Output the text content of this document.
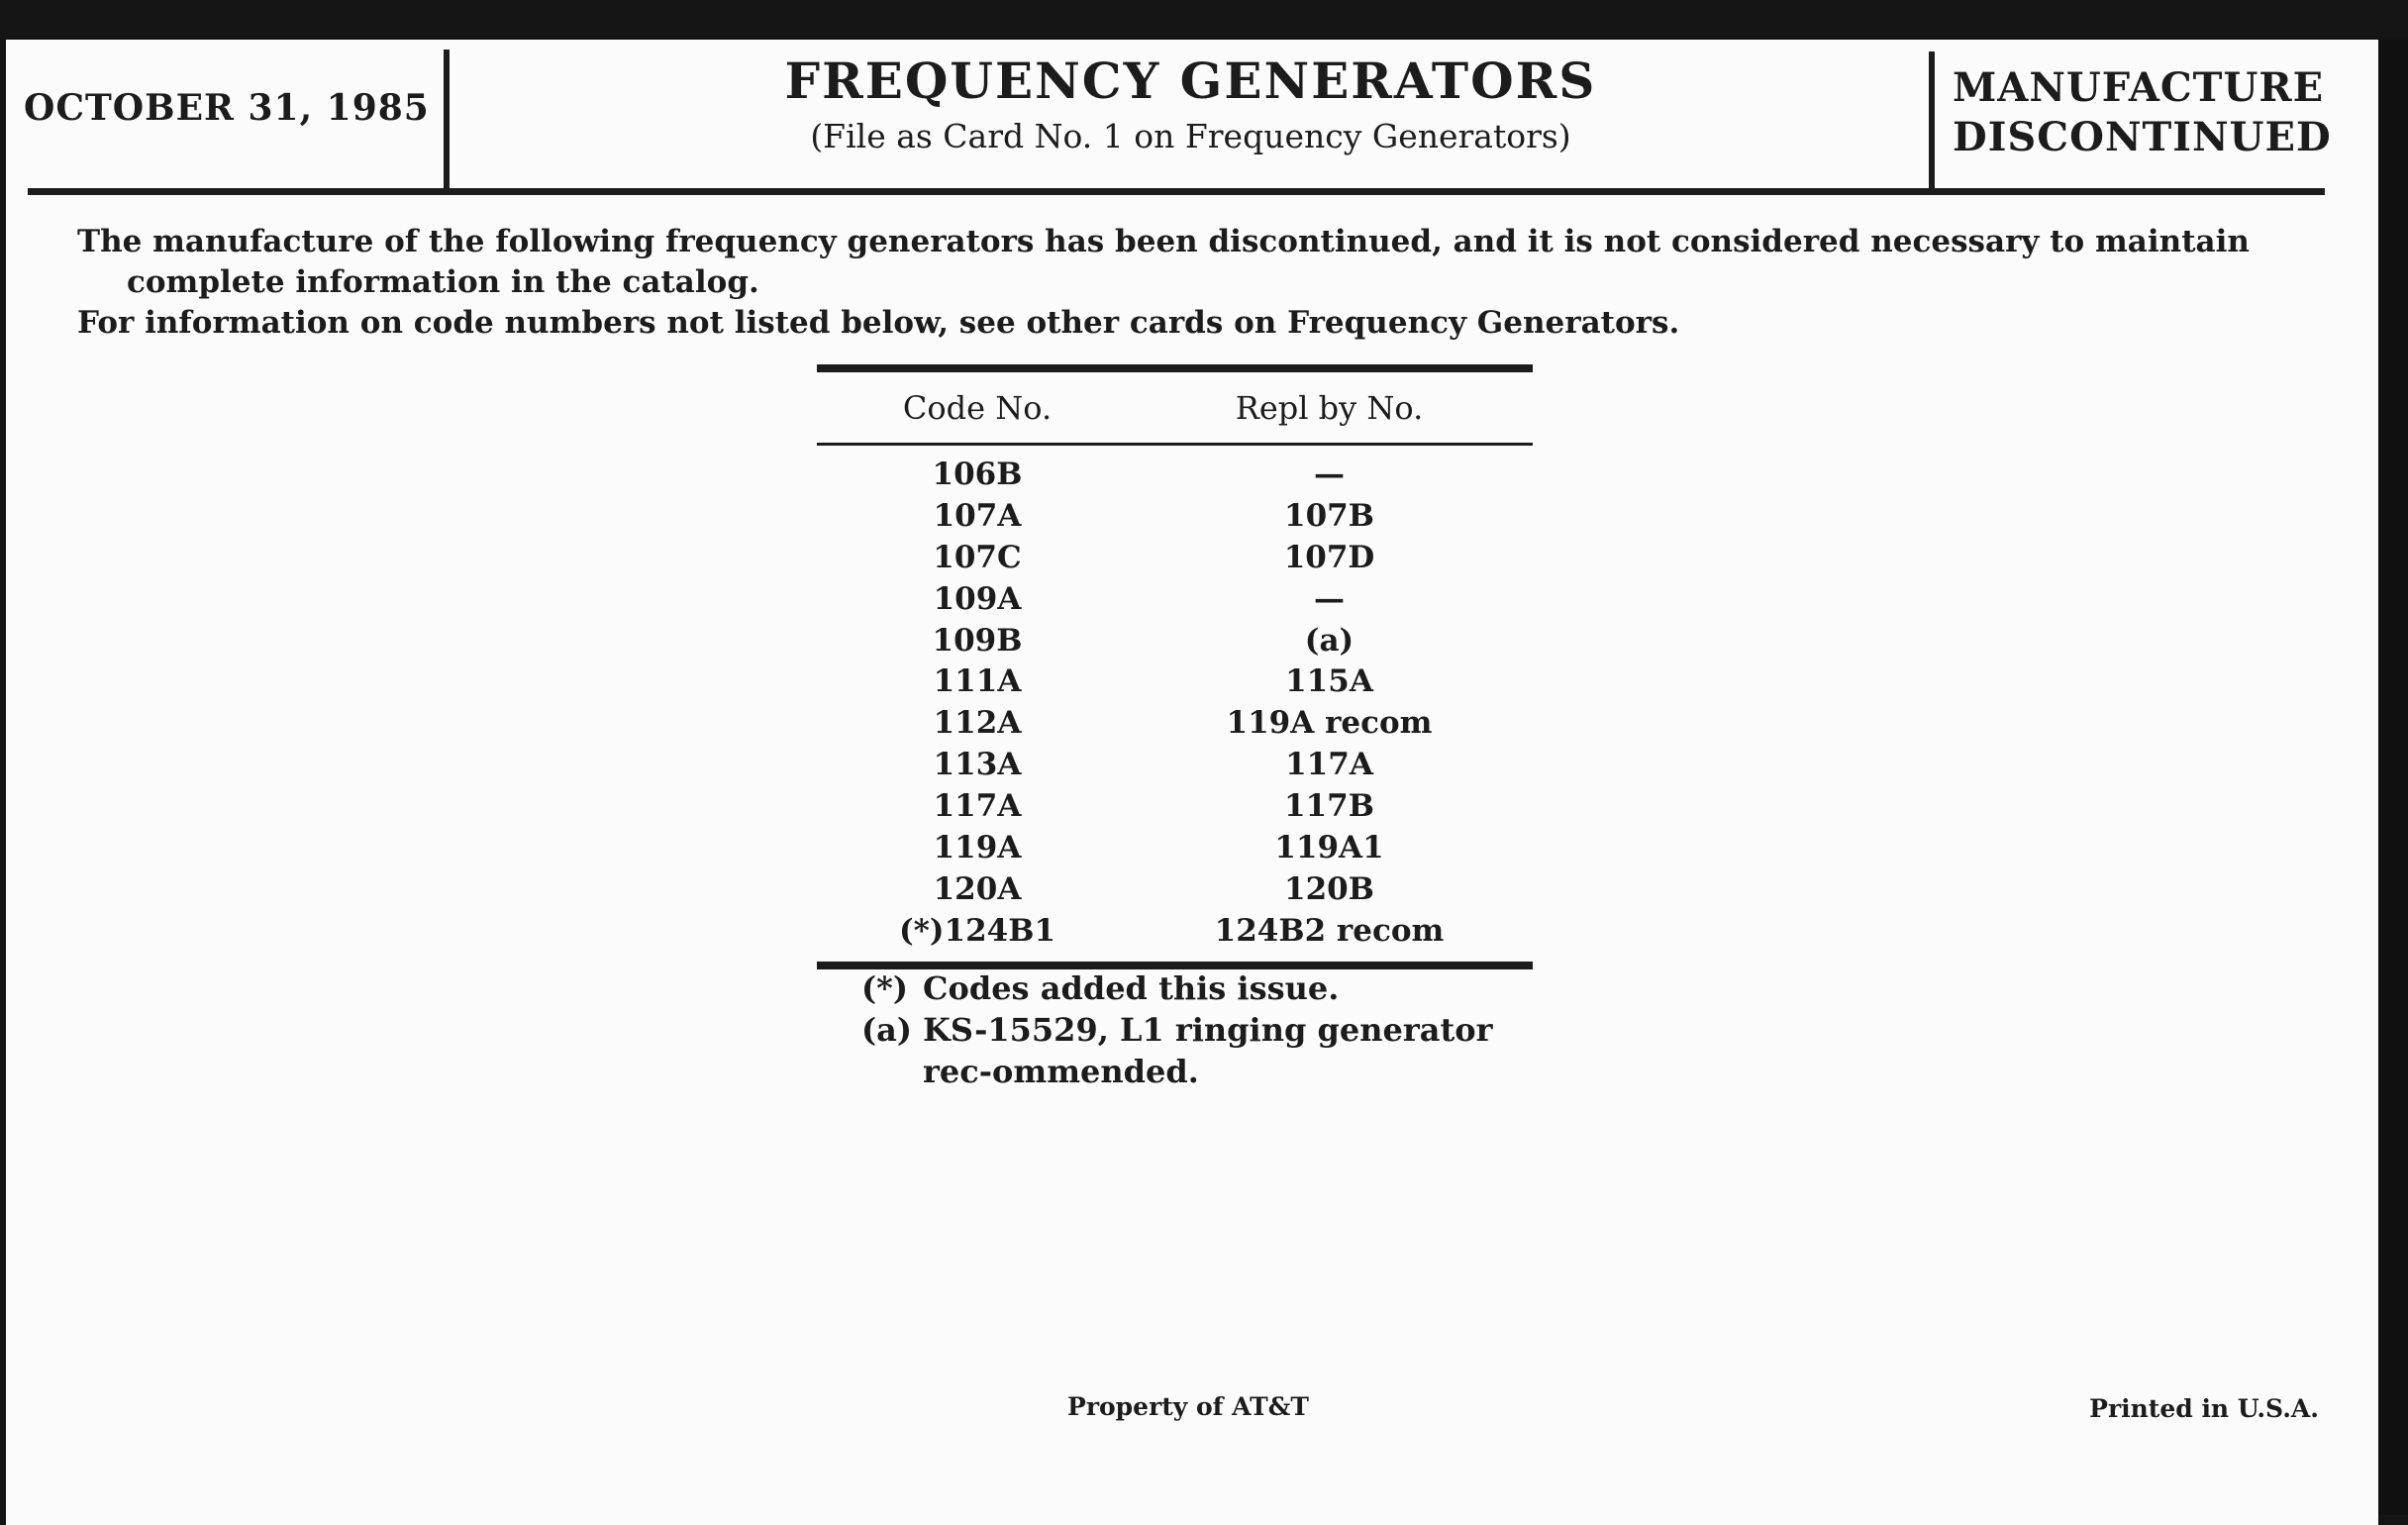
OCTOBER 31, 1985	FREQUENCY GENERATORS
(File as Card No. 1 on Frequency Generators)
MANUFACTURE
DISCONTINUED
The manufacture of the following frequency generators has been discontinued, and it is not considered necessary to maintain complete information in the catalog.
For information on code numbers not listed below, see other cards on Frequency Generators.
Code No.	Repl by No.
106B	—
107A	107B
107C	107D
109A	—
109B	(a)
111A	115A
112A	119A recom
113A	117A
117A	117B
119A	119A1
120A	120B
(*)124B1	124B2 recom
(*) Codes added this issue.
(a) KS-15529, L1 ringing generator rec-ommended.
Property of AT&T	Printed in U.S.A.
